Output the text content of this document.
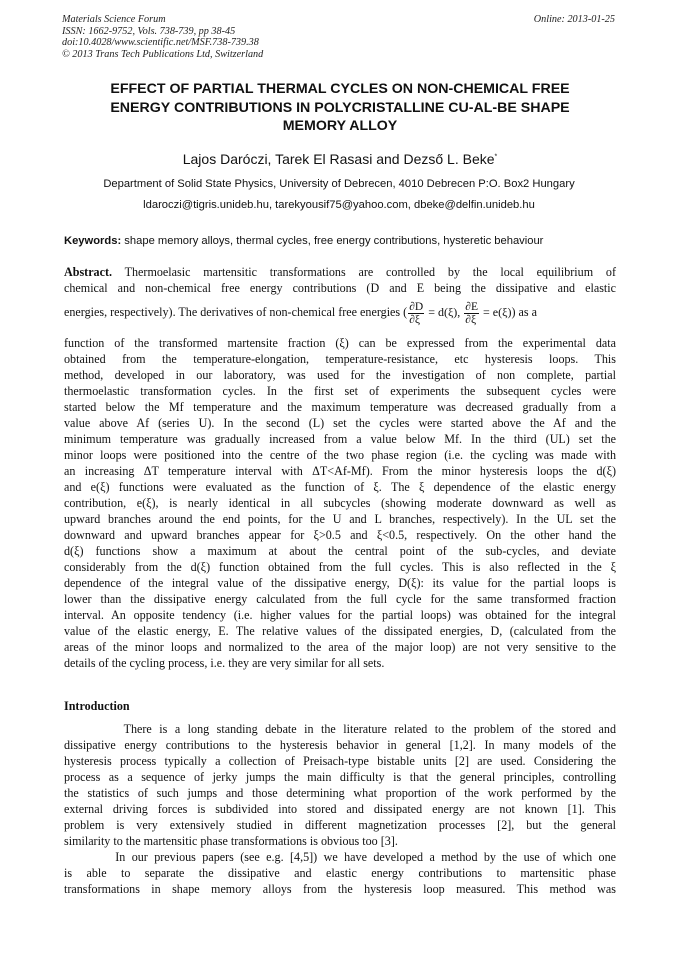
Materials Science Forum
ISSN: 1662-9752, Vols. 738-739, pp 38-45
doi:10.4028/www.scientific.net/MSF.738-739.38
© 2013 Trans Tech Publications Ltd, Switzerland
Online: 2013-01-25
EFFECT OF PARTIAL THERMAL CYCLES ON NON-CHEMICAL FREE
ENERGY CONTRIBUTIONS IN POLYCRISTALLINE CU-AL-BE SHAPE
MEMORY ALLOY
Lajos Daróczi, Tarek El Rasasi and Dezső L. Beke*
Department of Solid State Physics, University of Debrecen, 4010 Debrecen P:O. Box2 Hungary
ldaroczi@tigris.unideb.hu, tarekyousif75@yahoo.com, dbeke@delfin.unideb.hu
Keywords: shape memory alloys, thermal cycles, free energy contributions, hysteretic behaviour
Abstract. Thermoelasic martensitic transformations are controlled by the local equilibrium of
chemical and non-chemical free energy contributions (D and E being the dissipative and elastic
energies, respectively). The derivatives of non-chemical free energies ( $\frac{\partial D}{\partial\xi} = d(\xi)$, $\frac{\partial E}{\partial\xi} = e(\xi)$) as a
function of the transformed martensite fraction (ξ) can be expressed from the experimental data
obtained from the temperature-elongation, temperature-resistance, etc hysteresis loops. This
method, developed in our laboratory, was used for the investigation of non complete, partial
thermoelastic transformation cycles. In the first set of experiments the subsequent cycles were
started below the Mf temperature and the maximum temperature was decreased gradually from a
value above Af (series U). In the second (L) set the cycles were started above the Af and the
minimum temperature was gradually increased from a value below Mf. In the third (UL) set the
minor loops were positioned into the centre of the two phase region (i.e. the cycling was made with
an increasing ΔT temperature interval with ΔT<Af-Mf). From the minor hysteresis loops the d(ξ)
and e(ξ) functions were evaluated as the function of ξ. The ξ dependence of the elastic energy
contribution, e(ξ), is nearly identical in all subcycles (showing moderate downward as well as
upward branches around the end points, for the U and L branches, respectively). In the UL set the
downward and upward branches appear for ξ>0.5 and ξ<0.5, respectively. On the other hand the
d(ξ) functions show a maximum at about the central point of the sub-cycles, and deviate
considerably from the d(ξ) function obtained from the full cycles. This is also reflected in the ξ
dependence of the integral value of the dissipative energy, D(ξ): its value for the partial loops is
lower than the dissipative energy calculated from the full cycle for the same transformed fraction
interval. An opposite tendency (i.e. higher values for the partial loops) was obtained for the integral
value of the elastic energy, E. The relative values of the dissipated energies, D, (calculated from the
areas of the minor loops and normalized to the area of the major loop) are not very sensitive to the
details of the cycling process, i.e. they are very similar for all sets.
Introduction
There is a long standing debate in the literature related to the problem of the stored and
dissipative energy contributions to the hysteresis behavior in general [1,2]. In many models of the
hysteresis process typically a collection of Preisach-type bistable units [2] are used. Considering the
process as a sequence of jerky jumps the main difficulty is that the general principles, controlling
the statistics of such jumps and those determining what proportion of the work performed by the
external driving forces is subdivided into stored and dissipated energy are not known [1]. This
problem is very extensively studied in different magnetization processes [2], but the general
similarity to the martensitic phase transformations is obvious too [3].
In our previous papers (see e.g. [4,5]) we have developed a method by the use of which one
is able to separate the dissipative and elastic energy contributions to martensitic phase
transformations in shape memory alloys from the hysteresis loop measured. This method was
